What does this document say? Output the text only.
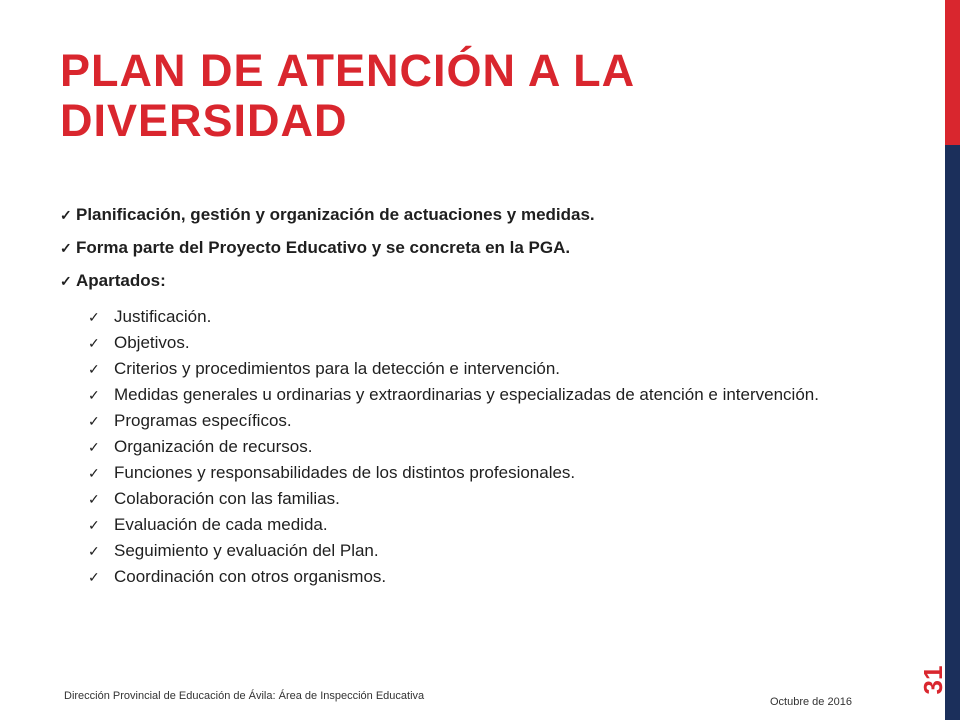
PLAN DE ATENCIÓN A LA DIVERSIDAD
✓ Planificación, gestión y organización de actuaciones y medidas.
✓ Forma parte del Proyecto Educativo y se concreta en la PGA.
✓ Apartados:
✓ Justificación.
✓ Objetivos.
✓ Criterios y procedimientos para la detección e intervención.
✓ Medidas generales u ordinarias y extraordinarias y especializadas de atención e intervención.
✓ Programas específicos.
✓ Organización de recursos.
✓ Funciones y responsabilidades de los distintos profesionales.
✓ Colaboración con las familias.
✓ Evaluación de cada medida.
✓ Seguimiento y evaluación del Plan.
✓ Coordinación con otros organismos.
31
Dirección Provincial de Educación de Ávila: Área de Inspección Educativa	Octubre de 2016
